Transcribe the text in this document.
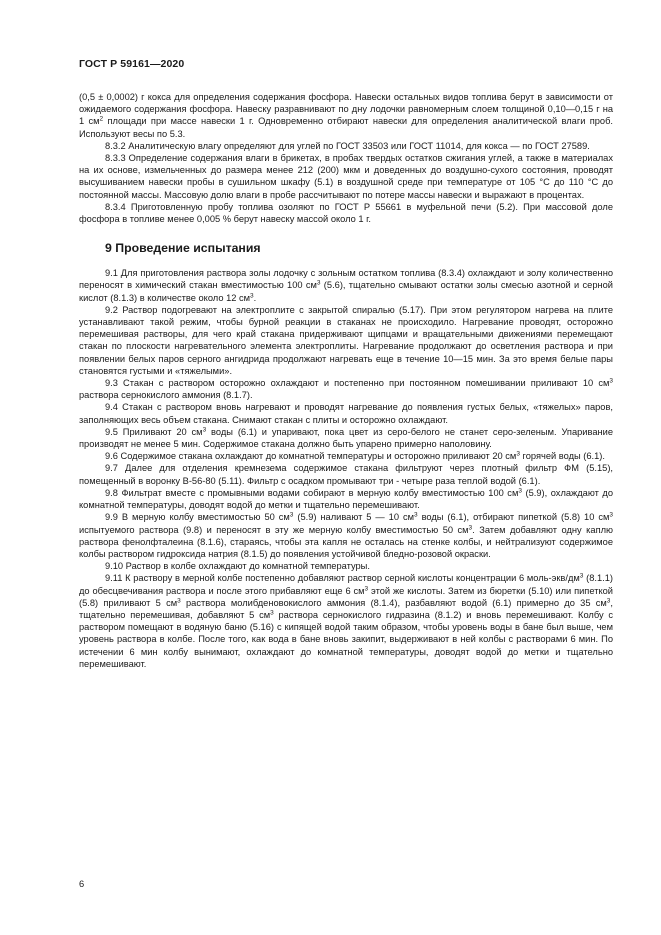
ГОСТ Р 59161—2020

(0,5 ± 0,0002) г кокса для определения содержания фосфора. Навески остальных видов топлива берут в зависимости от ожидаемого содержания фосфора. Навеску разравнивают по дну лодочки равномерным слоем толщиной 0,10—0,15 г на 1 $см^2$ площади при массе навески 1 г. Одновременно отбирают навески для определения аналитической влаги проб. Используют весы по 5.3.

8.3.2 Аналитическую влагу определяют для углей по ГОСТ 33503 или ГОСТ 11014, для кокса — по ГОСТ 27589.

8.3.3 Определение содержания влаги в брикетах, в пробах твердых остатков сжигания углей, а также в материалах на их основе, измельченных до размера менее 212 (200) мкм и доведенных до воздушно-сухого состояния, проводят высушиванием навески пробы в сушильном шкафу (5.1) в воздушной среде при температуре от 105 °С до 110 °С до постоянной массы. Массовую долю влаги в пробе рассчитывают по потере массы навески и выражают в процентах.

8.3.4 Приготовленную пробу топлива озоляют по ГОСТ Р 55661 в муфельной печи (5.2). При массовой доле фосфора в топливе менее 0,005 % берут навеску массой около 1 г.

9 Проведение испытания

9.1 Для приготовления раствора золы лодочку с зольным остатком топлива (8.3.4) охлаждают и золу количественно переносят в химический стакан вместимостью 100 $см^3$ (5.6), тщательно смывают остатки золы смесью азотной и серной кислот (8.1.3) в количестве около 12 $см^3$.

9.2 Раствор подогревают на электроплите с закрытой спиралью (5.17). При этом регулятором нагрева на плите устанавливают такой режим, чтобы бурной реакции в стаканах не происходило. Нагревание проводят, осторожно перемешивая растворы, для чего край стакана придерживают щипцами и вращательными движениями перемещают стакан по плоскости нагревательного элемента электроплиты. Нагревание продолжают до осветления раствора и при появлении белых паров серного ангидрида продолжают нагревать еще в течение 10—15 мин. За это время белые пары становятся густыми и «тяжелыми».

9.3 Стакан с раствором осторожно охлаждают и постепенно при постоянном помешивании приливают 10 $см^3$ раствора сернокислого аммония (8.1.7).

9.4 Стакан с раствором вновь нагревают и проводят нагревание до появления густых белых, «тяжелых» паров, заполняющих весь объем стакана. Снимают стакан с плиты и осторожно охлаждают.

9.5 Приливают 20 $см^3$ воды (6.1) и упаривают, пока цвет из серо-белого не станет серо-зеленым. Упаривание производят не менее 5 мин. Содержимое стакана должно быть упарено примерно наполовину.

9.6 Содержимое стакана охлаждают до комнатной температуры и осторожно приливают 20 $см^3$ горячей воды (6.1).

9.7 Далее для отделения кремнезема содержимое стакана фильтруют через плотный фильтр ФМ (5.15), помещенный в воронку В-56-80 (5.11). Фильтр с осадком промывают три - четыре раза теплой водой (6.1).

9.8 Фильтрат вместе с промывными водами собирают в мерную колбу вместимостью 100 $см^3$ (5.9), охлаждают до комнатной температуры, доводят водой до метки и тщательно перемешивают.

9.9 В мерную колбу вместимостью 50 $см^3$ (5.9) наливают 5 — 10 $см^3$ воды (6.1), отбирают пипеткой (5.8) 10 $см^3$ испытуемого раствора (9.8) и переносят в эту же мерную колбу вместимостью 50 $см^3$. Затем добавляют одну каплю раствора фенолфталеина (8.1.6), стараясь, чтобы эта капля не осталась на стенке колбы, и нейтрализуют содержимое колбы раствором гидроксида натрия (8.1.5) до появления устойчивой бледно-розовой окраски.

9.10 Раствор в колбе охлаждают до комнатной температуры.

9.11 К раствору в мерной колбе постепенно добавляют раствор серной кислоты концентрации 6 моль-$экв/дм^3$ (8.1.1) до обесцвечивания раствора и после этого прибавляют еще 6 $см^3$ этой же кислоты. Затем из бюретки (5.10) или пипеткой (5.8) приливают 5 $см^3$ раствора молибденовокислого аммония (8.1.4), разбавляют водой (6.1) примерно до 35 $см^3$, тщательно перемешивая, добавляют 5 $см^3$ раствора сернокислого гидразина (8.1.2) и вновь перемешивают. Колбу с раствором помещают в водяную баню (5.16) с кипящей водой таким образом, чтобы уровень воды в бане был выше, чем уровень раствора в колбе. После того, как вода в бане вновь закипит, выдерживают в ней колбы с растворами 6 мин. По истечении 6 мин колбу вынимают, охлаждают до комнатной температуры, доводят водой до метки и тщательно перемешивают.

6
